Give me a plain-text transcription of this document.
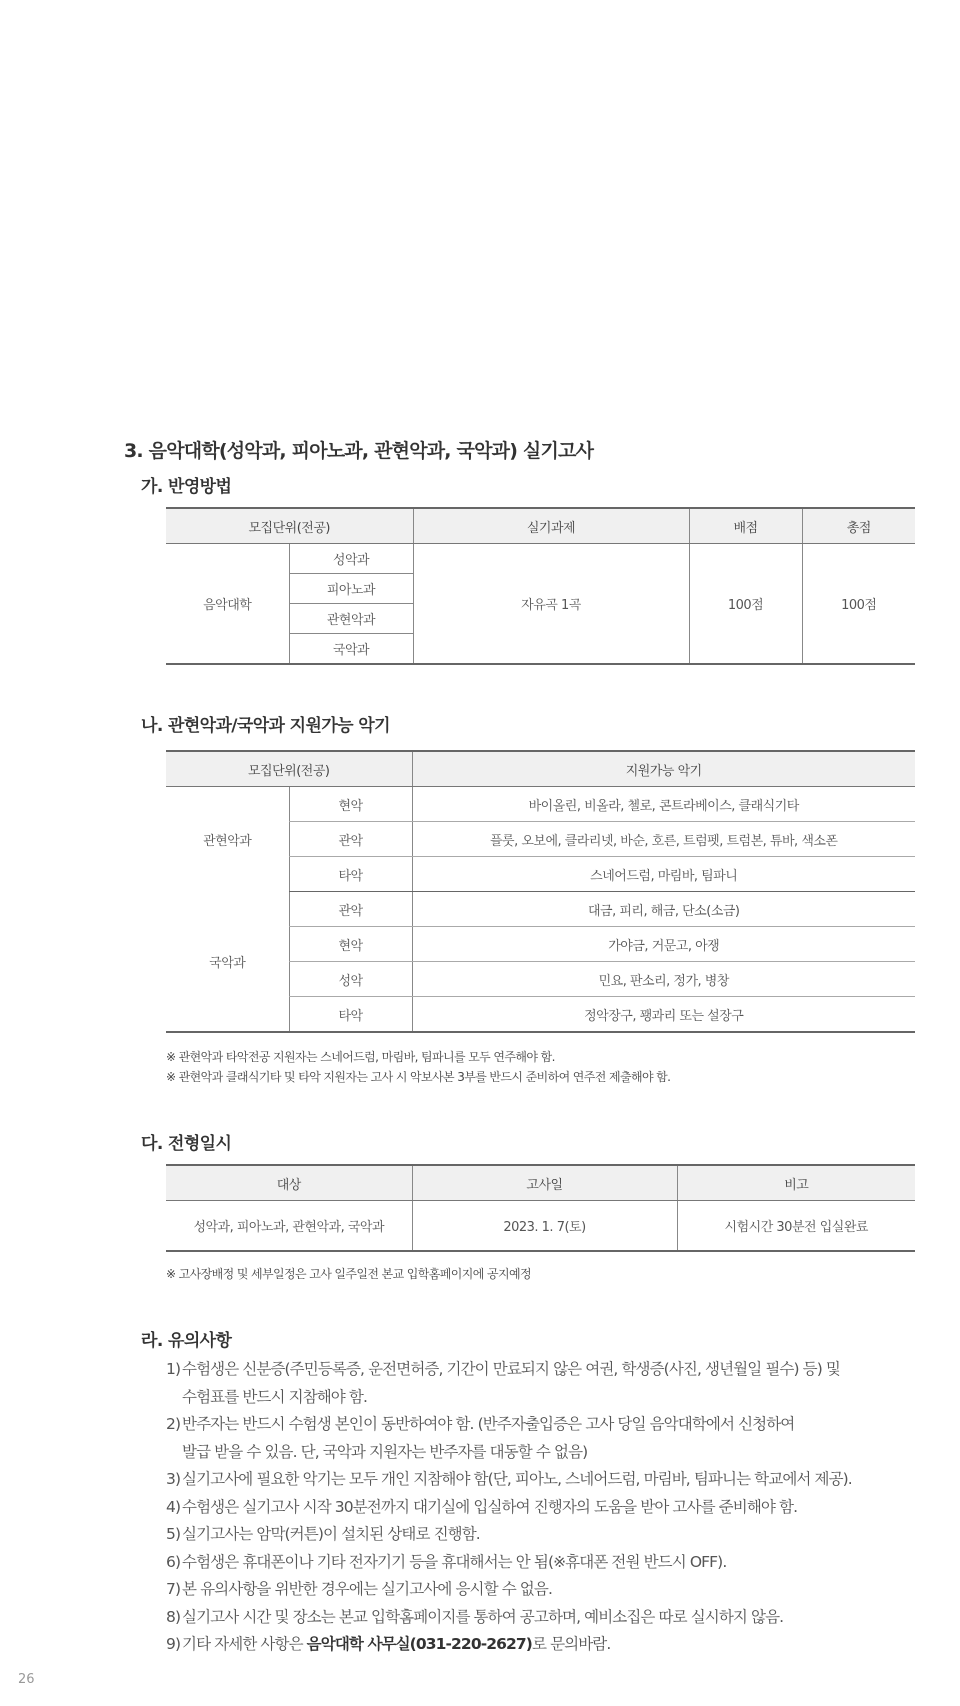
3. 음악대학(성악과, 피아노과, 관현악과, 국악과) 실기고사
가. 반영방법
모집단위(전공)		실기과제	배점	총점
음악대학	성악과	자유곡 1곡	100점	100점
	피아노과			
	관현악과			
	국악과			
나. 관현악과/국악과 지원가능 악기
모집단위(전공)		지원가능 악기
관현악과	현악	바이올린, 비올라, 첼로, 콘트라베이스, 클래식기타
	관악	플룻, 오보에, 클라리넷, 바순, 호른, 트럼펫, 트럼본, 튜바, 색소폰
	타악	스네어드럼, 마림바, 팀파니
국악과	관악	대금, 피리, 해금, 단소(소금)
	현악	가야금, 거문고, 아쟁
	성악	민요, 판소리, 정가, 병창
	타악	정악장구, 꽹과리 또는 설장구

※ 관현악과 타악전공 지원자는 스네어드럼, 마림바, 팀파니를 모두 연주해야 함.

※ 관현악과 클래식기타 및 타악 지원자는 고사 시 악보사본 3부를 반드시 준비하여 연주전 제출해야 함.

다. 전형일시
대상	고사일	비고
성악과, 피아노과, 관현악과, 국악과	2023. 1. 7(토)	시험시간 30분전 입실완료

※ 고사장배정 및 세부일정은 고사 일주일전 본교 입학홈페이지에 공지예정

라. 유의사항
1) 수험생은 신분증(주민등록증, 운전면허증, 기간이 만료되지 않은 여권, 학생증(사진, 생년월일 필수) 등) 및
수험표를 반드시 지참해야 함.
2) 반주자는 반드시 수험생 본인이 동반하여야 함. (반주자출입증은 고사 당일 음악대학에서 신청하여
발급 받을 수 있음. 단, 국악과 지원자는 반주자를 대동할 수 없음)
3) 실기고사에 필요한 악기는 모두 개인 지참해야 함(단, 피아노, 스네어드럼, 마림바, 팀파니는 학교에서 제공).
4) 수험생은 실기고사 시작 30분전까지 대기실에 입실하여 진행자의 도움을 받아 고사를 준비해야 함.
5) 실기고사는 암막(커튼)이 설치된 상태로 진행함.
6) 수험생은 휴대폰이나 기타 전자기기 등을 휴대해서는 안 됨(※휴대폰 전원 반드시 OFF).
7) 본 유의사항을 위반한 경우에는 실기고사에 응시할 수 없음.
8) 실기고사 시간 및 장소는 본교 입학홈페이지를 통하여 공고하며, 예비소집은 따로 실시하지 않음.
9) 기타 자세한 사항은 음악대학 사무실(031-220-2627)로 문의바람.
26
